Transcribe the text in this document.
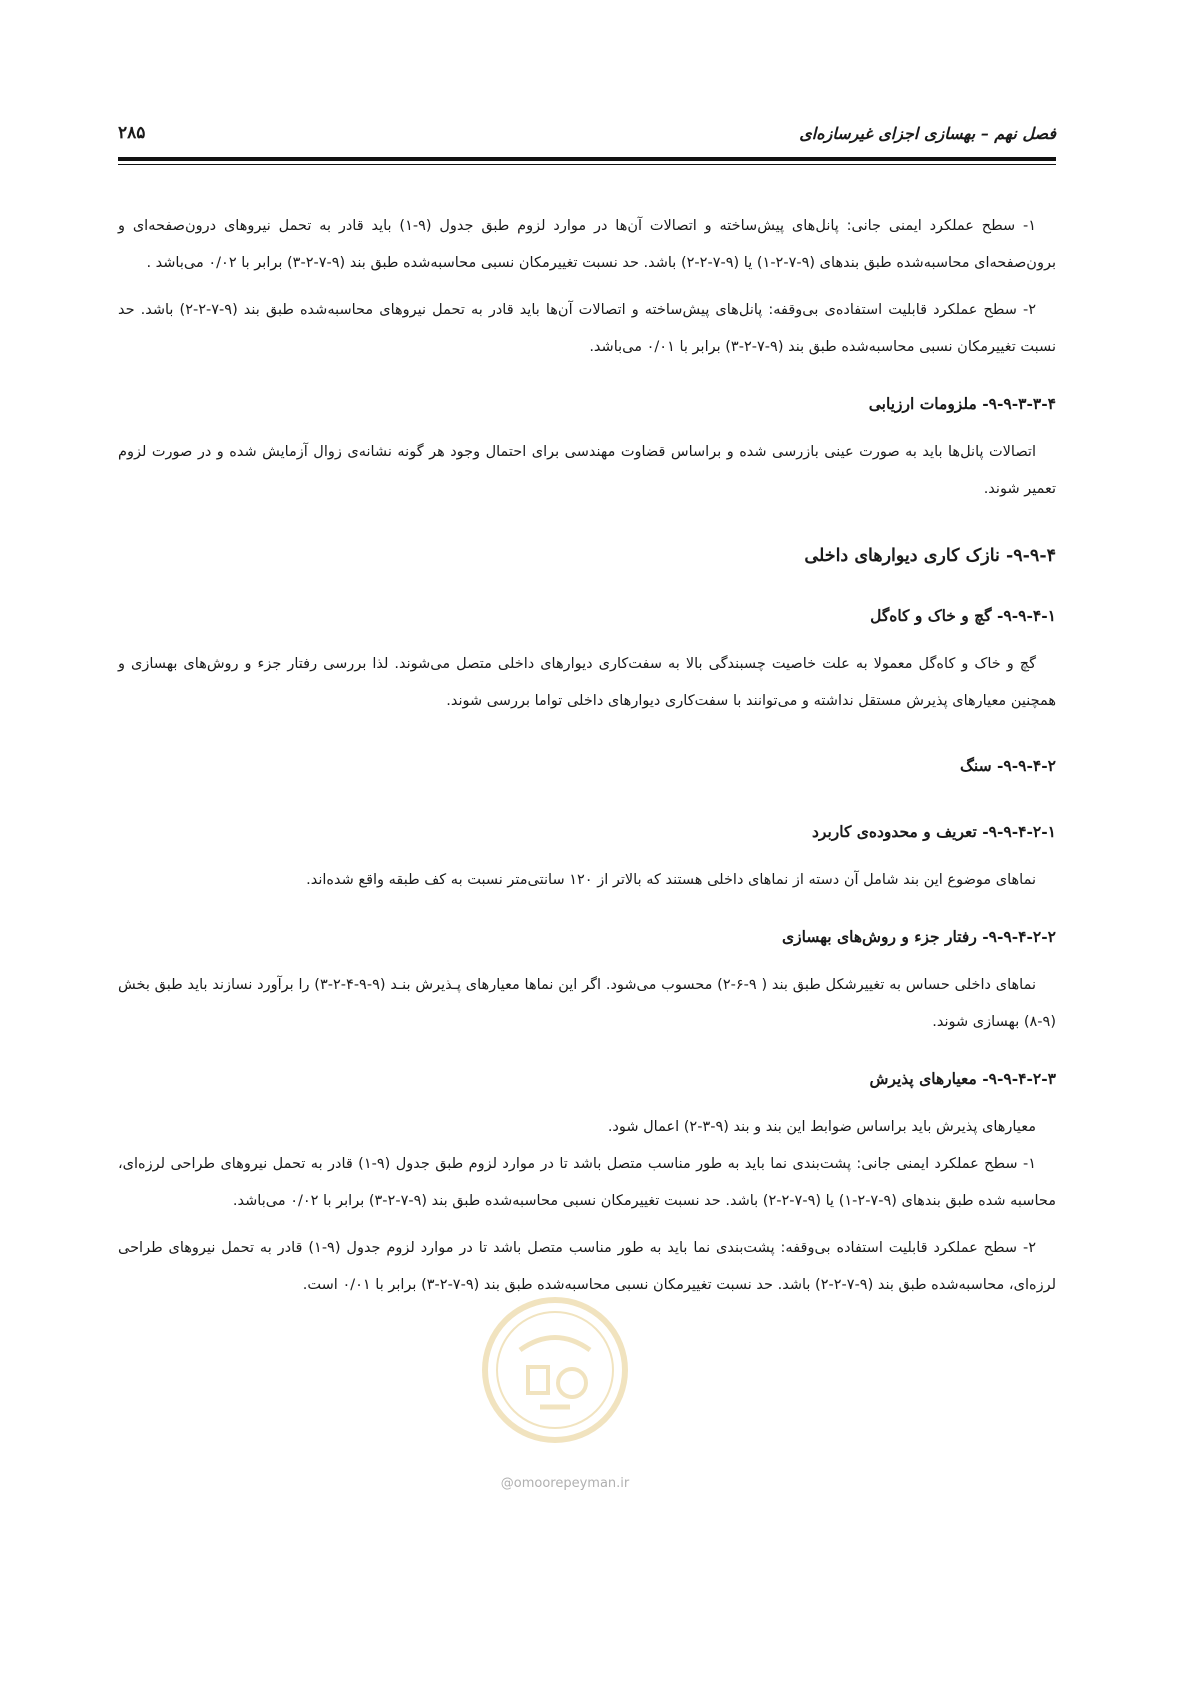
۲۸۵	فصل نهم – بهسازی اجزای غیرسازه‌ای

۱- سطح عملکرد ایمنی جانی: پانل‌های پیش‌ساخته و اتصالات آن‌ها در موارد لزوم طبق جدول (۹-۱) باید قادر به تحمل نیروهای درون‌صفحه‌ای و برون‌صفحه‌ای محاسبه‌شده طبق بندهای (۹-۷-۲-۱) یا (۹-۷-۲-۲) باشد. حد نسبت تغییرمکان نسبی محاسبه‌شده طبق بند (۹-۷-۲-۳) برابر با ۰/۰۲ می‌باشد .

۲- سطح عملکرد قابلیت استفاده‌ی بی‌وقفه: پانل‌های پیش‌ساخته و اتصالات آن‌ها باید قادر به تحمل نیروهای محاسبه‌شده طبق بند (۹-۷-۲-۲) باشد. حد نسبت تغییرمکان نسبی محاسبه‌شده طبق بند (۹-۷-۲-۳) برابر با ۰/۰۱ می‌باشد.

۹-۹-۳-۳-۴- ملزومات ارزیابی

اتصالات پانل‌ها باید به صورت عینی بازرسی شده و براساس قضاوت مهندسی برای احتمال وجود هر گونه نشانه‌ی زوال آزمایش شده و در صورت لزوم تعمیر شوند.

۹-۹-۴- نازک کاری دیوارهای داخلی
۹-۹-۴-۱- گچ و خاک و کاه‌گل

گچ و خاک و کاه‌گل معمولا به علت خاصیت چسبندگی بالا به سفت‌کاری دیوارهای داخلی متصل می‌شوند. لذا بررسی رفتار جزء و روش‌های بهسازی و همچنین معیارهای پذیرش مستقل نداشته و می‌توانند با سفت‌کاری دیوارهای داخلی تواما بررسی شوند.

۹-۹-۴-۲- سنگ
۹-۹-۴-۲-۱- تعریف و محدوده‌ی کاربرد

نماهای موضوع این بند شامل آن دسته از نماهای داخلی هستند که بالاتر از ۱۲۰ سانتی‌متر نسبت به کف طبقه واقع شده‌اند.

۹-۹-۴-۲-۲- رفتار جزء و روش‌های بهسازی

نماهای داخلی حساس به تغییرشکل طبق بند ( ۹-۶-۲) محسوب می‌شود. اگر این نماها معیارهای پـذیرش بنـد (۹-۹-۴-۲-۳) را برآورد نسازند باید طبق بخش (۹-۸) بهسازی شوند.

۹-۹-۴-۲-۳- معیارهای پذیرش

معیارهای پذیرش باید براساس ضوابط این بند و بند (۹-۳-۲) اعمال شود.

۱- سطح عملکرد ایمنی جانی: پشت‌بندی نما باید به طور مناسب متصل باشد تا در موارد لزوم طبق جدول (۹-۱) قادر به تحمل نیروهای طراحی لرزه‌ای، محاسبه شده طبق بندهای (۹-۷-۲-۱) یا (۹-۷-۲-۲) باشد. حد نسبت تغییرمکان نسبی محاسبه‌شده طبق بند (۹-۷-۲-۳) برابر با ۰/۰۲ می‌باشد.

۲- سطح عملکرد قابلیت استفاده بی‌وقفه: پشت‌بندی نما باید به طور مناسب متصل باشد تا در موارد لزوم جدول (۹-۱) قادر به تحمل نیروهای طراحی لرزه‌ای، محاسبه‌شده طبق بند (۹-۷-۲-۲) باشد. حد نسبت تغییرمکان نسبی محاسبه‌شده طبق بند (۹-۷-۲-۳) برابر با ۰/۰۱ است.

@omoorepeyman.ir
